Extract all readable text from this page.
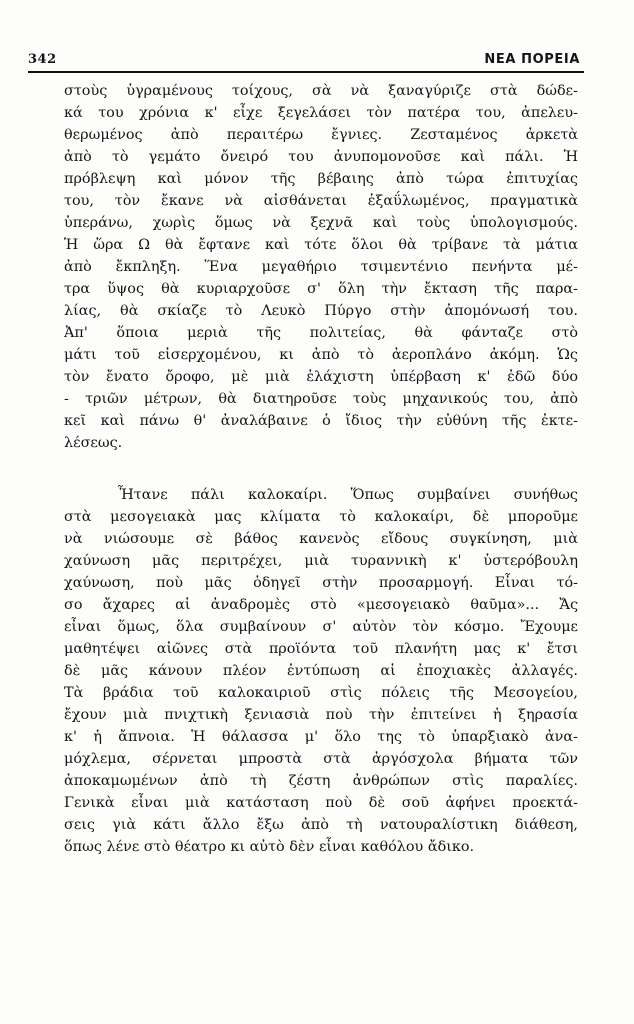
342	ΝΕΑ ΠΟΡΕΙΑ
στοὺς ὑγραμένους τοίχους, σὰ νὰ ξαναγύριζε στὰ δώδε-
κά του χρόνια κ' εἶχε ξεγελάσει τὸν πατέρα του, ἀπελευ-
θερωμένος ἀπὸ περαιτέρω ἔγνιες. Ζεσταμένος ἀρκετὰ
ἀπὸ τὸ γεμάτο ὄνειρό του ἀνυπομονοῦσε καὶ πάλι. Ἡ
πρόβλεψη καὶ μόνον τῆς βέβαιης ἀπὸ τώρα ἐπιτυχίας
του, τὸν ἔκανε νὰ αἰσθάνεται ἐξαΰλωμένος, πραγματικὰ
ὑπεράνω, χωρὶς ὅμως νὰ ξεχνᾶ καὶ τοὺς ὑπολογισμούς.
Ἡ ὥρα Ω θὰ ἔφτανε καὶ τότε ὅλοι θὰ τρίβανε τὰ μάτια
ἀπὸ ἔκπληξη. Ἕνα μεγαθήριο τσιμεντένιο πενήντα μέ-
τρα ὕψος θὰ κυριαρχοῦσε σ' ὅλη τὴν ἔκταση τῆς παρα-
λίας, θὰ σκίαζε τὸ Λευκὸ Πύργο στὴν ἀπομόνωσή του.
Ἀπ' ὅποια μεριὰ τῆς πολιτείας, θὰ φάνταζε στὸ
μάτι τοῦ εἰσερχομένου, κι ἀπὸ τὸ ἀεροπλάνο ἀκόμη. Ὡς
τὸν ἔνατο ὄροφο, μὲ μιὰ ἐλάχιστη ὑπέρβαση κ' ἐδῶ δύο
- τριῶν μέτρων, θὰ διατηροῦσε τοὺς μηχανικούς του, ἀπὸ
κεῖ καὶ πάνω θ' ἀναλάβαινε ὁ ἴδιος τὴν εὐθύνη τῆς ἐκτε-
λέσεως.
Ἦτανε πάλι καλοκαίρι. Ὅπως συμβαίνει συνήθως
στὰ μεσογειακὰ μας κλίματα τὸ καλοκαίρι, δὲ μποροῦμε
νὰ νιώσουμε σὲ βάθος κανενὸς εἴδους συγκίνηση, μιὰ
χαύνωση μᾶς περιτρέχει, μιὰ τυραννικὴ κ' ὑστερόβουλη
χαύνωση, ποὺ μᾶς ὁδηγεῖ στὴν προσαρμογή. Εἶναι τό-
σο ἄχαρες αἱ ἀναδρομὲς στὸ «μεσογειακὸ θαῦμα»... Ἄς
εἶναι ὅμως, ὅλα συμβαίνουν σ' αὐτὸν τὸν κόσμο. Ἔχουμε
μαθητέψει αἰῶνες στὰ προϊόντα τοῦ πλανήτη μας κ' ἔτσι
δὲ μᾶς κάνουν πλέον ἐντύπωση αἱ ἐποχιακὲς ἀλλαγές.
Τὰ βράδια τοῦ καλοκαιριοῦ στὶς πόλεις τῆς Μεσογείου,
ἔχουν μιὰ πνιχτικὴ ξενιασιὰ ποὺ τὴν ἐπιτείνει ἡ ξηρασία
κ' ἡ ἄπνοια. Ἡ θάλασσα μ' ὅλο της τὸ ὑπαρξιακὸ ἀνα-
μόχλεμα, σέρνεται μπροστὰ στὰ ἀργόσχολα βήματα τῶν
ἀποκαμωμένων ἀπὸ τὴ ζέστη ἀνθρώπων στὶς παραλίες.
Γενικὰ εἶναι μιὰ κατάσταση ποὺ δὲ σοῦ ἀφήνει προεκτά-
σεις γιὰ κάτι ἄλλο ἔξω ἀπὸ τὴ νατουραλίστικη διάθεση,
ὅπως λένε στὸ θέατρο κι αὐτὸ δὲν εἶναι καθόλου ἄδικο.
